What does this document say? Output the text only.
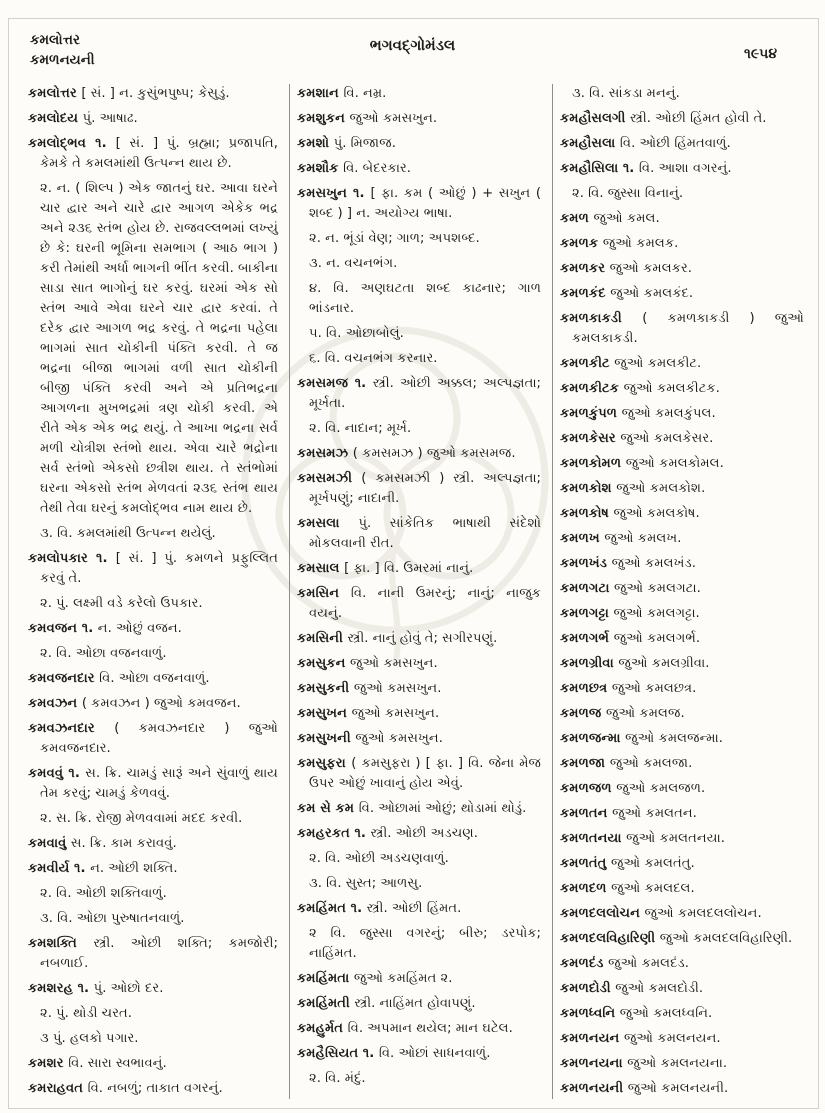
કમલોત્તર
કમળનયની
ભગવદ્ગોમંડલ	૧૯૫૪

કમલોત્તર [ સં. ] ન. કુસુંભપુષ્પ; કેસુડું.

કમલોદય પું. આષાઢ.

કમલોદ્ભવ ૧. [ સં. ] પું. બ્રહ્મા; પ્રજાપતિ, કેમકે તે કમલમાંથી ઉત્પન્ન થાય છે.

૨. ન. ( શિલ્પ ) એક જાતનું ઘર. આવા ઘરને ચાર દ્વાર અને ચારે દ્વાર આગળ એકેક ભદ્ર અને ૨૩૬ સ્તંભ હોય છે. રાજવલ્લભમાં લખ્યું છે કે: ઘરની ભૂમિના સમભાગ ( આઠ ભાગ ) કરી તેમાંથી અર્ધા ભાગની ભીંત કરવી. બાકીના સાડા સાત ભાગોનું ઘર કરવું. ઘરમાં એક સો સ્તંભ આવે એવા ઘરને ચાર દ્વાર કરવાં. તે દરેક દ્વાર આગળ ભદ્ર કરવું. તે ભદ્રના પહેલા ભાગમાં સાત ચોકીની પંક્તિ કરવી. તે જ ભદ્રના બીજા ભાગમાં વળી સાત ચોકીની બીજી પંક્તિ કરવી અને એ પ્રતિભદ્રના આગળના મુખભદ્રમાં ત્રણ ચોકી કરવી. એ રીતે એક એક ભદ્ર થયું. તે આખા ભદ્રના સર્વ મળી ચોત્રીશ સ્તંભો થાય. એવા ચારે ભદ્રોના સર્વ સ્તંભો એકસો છત્રીશ થાય. તે સ્તંભોમાં ઘરના એકસો સ્તંભ મેળવતાં ૨૩૬ સ્તંભ થાય તેથી તેવા ઘરનું કમલોદ્ભવ નામ થાય છે.

૩. વિ. કમલમાંથી ઉત્પન્ન થયેલું.

કમલોપકાર ૧. [ સં. ] પું. કમળને પ્રફુલ્લિત કરવું તે.

૨. પું. લક્ષ્મી વડે કરેલો ઉપકાર.

કમવજન ૧. ન. ઓછું વજન.

૨. વિ. ઓછા વજનવાળું.

કમવજનદાર વિ. ઓછા વજનવાળું.

કમવઝન ( કમવઝન ) જુઓ કમવજન.

કમવઝનદાર ( કમવઝનદાર ) જુઓ કમવજનદાર.

કમવવું ૧. સ. ક્રિ. ચામડું સારૂં અને સુંવાળું થાય તેમ કરવું; ચામડું કેળવવું.

૨. સ. ક્રિ. રોજી મેળવવામાં મદદ કરવી.

કમવાવું સ. ક્રિ. કામ કરાવવું.

કમવીર્ય ૧. ન. ઓછી શક્તિ.

૨. વિ. ઓછી શક્તિવાળું.

૩. વિ. ઓછા પુરુષાતનવાળું.

કમશક્તિ સ્ત્રી. ઓછી શક્તિ; કમજોરી; નબળાઈ.

કમશરહ ૧. પું. ઓછો દર.

૨. પું. થોડી ચરત.

૩ પું. હલકો પગાર.

કમશર વિ. સારા સ્વભાવનું.

કમરાહવત વિ. નબળું; તાકાત વગરનું.

કમશાન વિ. નમ્ર.

કમશુકન જુઓ કમસખુન.

કમશો પું. મિજાજ.

કમશૌક વિ. બેદરકાર.

કમસખુન ૧. [ ફા. કમ ( ઓછું ) + સખુન ( શબ્દ ) ] ન. અયોગ્ય ભાષા.

૨. ન. ભૂંડાં વેણ; ગાળ; અપશબ્દ.

૩. ન. વચનભંગ.

૪. વિ. અણઘટતા શબ્દ કાઢનાર; ગાળ ભાંડનાર.

૫. વિ. ઓછાબોલું.

૬. વિ. વચનભંગ કરનાર.

કમસમજ ૧. સ્ત્રી. ઓછી અક્કલ; અલ્પજ્ઞતા; મૂર્ખતા.

૨. વિ. નાદાન; મૂર્ખ.

કમસમઝ ( કમસમઝ ) જુઓ કમસમજ.

કમસમઝી ( કમસમઝી ) સ્ત્રી. અલ્પજ્ઞતા; મૂર્ખપણું; નાદાની.

કમસલા પું. સાંકેતિક ભાષાથી સંદેશો મોકલવાની રીત.

કમસાલ [ ફા. ] વિ. ઉમરમાં નાનું.

કમસિન વિ. નાની ઉમરનું; નાનું; નાજુક વયનું.

કમસિની સ્ત્રી. નાનું હોવું તે; સગીરપણું.

કમસુકન જુઓ કમસખુન.

કમસુકની જુઓ કમસખુન.

કમસુખન જુઓ કમસખુન.

કમસુખની જુઓ કમસખુન.

કમસુફરા ( કમસુફરા ) [ ફા. ] વિ. જેના મેજ ઉપર ઓછું ખાવાનું હોય એવું.

કમ સે કમ વિ. ઓછામાં ઓછું; થોડામાં થોડું.

કમહરકત ૧. સ્ત્રી. ઓછી અડચણ.

૨. વિ. ઓછી અડચણવાળું.

૩. વિ. સુસ્ત; આળસુ.

કમહિંમત ૧. સ્ત્રી. ઓછી હિંમત.

૨ વિ. જુસ્સા વગરનું; બીરુ; ડરપોક; નાહિંમત.

કમહિંમતા જુઓ કમહિંમત ૨.

કમહિંમતી સ્ત્રી. નાહિંમત હોવાપણું.

કમહુર્મત વિ. અપમાન થયેલ; માન ઘટેલ.

કમહૈસિયત ૧. વિ. ઓછાં સાધનવાળું.

૨. વિ. મંદું.

૩. વિ. સાંકડા મનનું.

કમહૌસલગી સ્ત્રી. ઓછી હિંમત હોવી તે.

કમહૌસલા વિ. ઓછી હિંમતવાળું.

કમહૌસિલા ૧. વિ. આશા વગરનું.

૨. વિ. જુસ્સા વિનાનું.

કમળ જુઓ કમલ.

કમળક જુઓ કમલક.

કમળકર જુઓ કમલકર.

કમળકંદ જુઓ કમલકંદ.

કમળકાકડી ( કમળકાકડી ) જુઓ કમલકાકડી.

કમળકીટ જુઓ કમલકીટ.

કમળકીટક જુઓ કમલકીટક.

કમળકુંપળ જુઓ કમલકુંપલ.

કમળકેસર જુઓ કમલકેસર.

કમળકોમળ જુઓ કમલકોમલ.

કમળકોશ જુઓ કમલકોશ.

કમળકોષ જુઓ કમલકોષ.

કમળખ જુઓ કમલખ.

કમળખંડ જુઓ કમલખંડ.

કમળગટા જુઓ કમલગટા.

કમળગટ્ટા જુઓ કમલગટ્ટા.

કમળગર્ભ જુઓ કમલગર્ભ.

કમળગ્રીવા જુઓ કમલગ્રીવા.

કમળછત્ર જુઓ કમલછત્ર.

કમળજ જુઓ કમલજ.

કમળજન્મા જુઓ કમલજન્મા.

કમળજા જુઓ કમલજા.

કમળજળ જુઓ કમલજળ.

કમળતન જુઓ કમલતન.

કમળતનયા જુઓ કમલતનયા.

કમળતંતુ જુઓ કમલતંતુ.

કમળદળ જુઓ કમલદલ.

કમળદલલોચન જુઓ કમલદલલોચન.

કમળદલવિહારિણી જુઓ કમલદલવિહારિણી.

કમળદંડ જુઓ કમલદંડ.

કમળદોડી જુઓ કમલદોડી.

કમળધ્વનિ જુઓ કમલધ્વનિ.

કમળનયન જુઓ કમલનયન.

કમળનયના જુઓ કમલનયના.

કમળનયની જુઓ કમલનયની.
